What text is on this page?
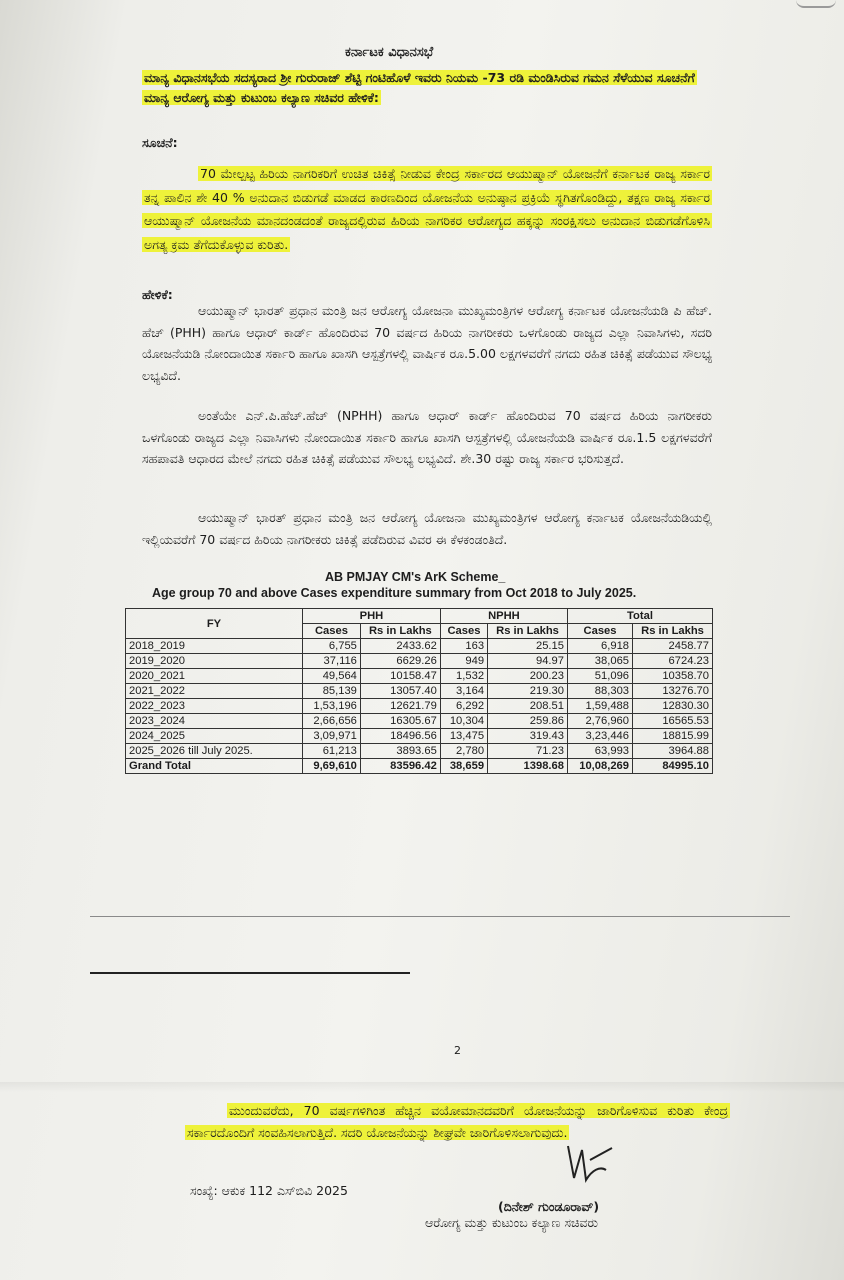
ಕರ್ನಾಟಕ ವಿಧಾನಸಭೆ
ಮಾನ್ಯ ವಿಧಾನಸಭೆಯ ಸದಸ್ಯರಾದ ಶ್ರೀ ಗುರುರಾಜ್ ಶೆಟ್ಟಿ ಗಂಟಿಹೊಳೆ ಇವರು ನಿಯಮ -73 ರಡಿ ಮಂಡಿಸಿರುವ ಗಮನ ಸೆಳೆಯುವ ಸೂಚನೆಗೆ ಮಾನ್ಯ ಆರೋಗ್ಯ ಮತ್ತು ಕುಟುಂಬ ಕಲ್ಯಾಣ ಸಚಿವರ ಹೇಳಿಕೆ:
ಸೂಚನೆ:
70 ಮೇಲ್ಪಟ್ಟ ಹಿರಿಯ ನಾಗರಿಕರಿಗೆ ಉಚಿತ ಚಿಕಿತ್ಸೆ ನೀಡುವ ಕೇಂದ್ರ ಸರ್ಕಾರದ ಆಯುಷ್ಮಾನ್ ಯೋಜನೆಗೆ ಕರ್ನಾಟಕ ರಾಜ್ಯ ಸರ್ಕಾರ ತನ್ನ ಪಾಲಿನ ಶೇ 40 % ಅನುದಾನ ಬಿಡುಗಡೆ ಮಾಡದ ಕಾರಣದಿಂದ ಯೋಜನೆಯ ಅನುಷ್ಠಾನ ಪ್ರಕ್ರಿಯೆ ಸ್ಥಗಿತಗೊಂಡಿದ್ದು, ತಕ್ಷಣ ರಾಜ್ಯ ಸರ್ಕಾರ ಆಯುಷ್ಮಾನ್ ಯೋಜನೆಯ ಮಾನದಂಡದಂತೆ ರಾಜ್ಯದಲ್ಲಿರುವ ಹಿರಿಯ ನಾಗರಿಕರ ಆರೋಗ್ಯದ ಹಕ್ಕನ್ನು ಸಂರಕ್ಷಿಸಲು ಅನುದಾನ ಬಿಡುಗಡೆಗೊಳಿಸಿ ಅಗತ್ಯ ಕ್ರಮ ತೆಗೆದುಕೊಳ್ಳುವ ಕುರಿತು.
ಹೇಳಿಕೆ:
ಆಯುಷ್ಮಾನ್ ಭಾರತ್ ಪ್ರಧಾನ ಮಂತ್ರಿ ಜನ ಆರೋಗ್ಯ ಯೋಜನಾ ಮುಖ್ಯಮಂತ್ರಿಗಳ ಆರೋಗ್ಯ ಕರ್ನಾಟಕ ಯೋಜನೆಯಡಿ ಪಿ ಹೆಚ್. ಹೆಚ್ (PHH) ಹಾಗೂ ಆಧಾರ್ ಕಾರ್ಡ್ ಹೊಂದಿರುವ 70 ವರ್ಷದ ಹಿರಿಯ ನಾಗರೀಕರು ಒಳಗೊಂಡು ರಾಜ್ಯದ ಎಲ್ಲಾ ನಿವಾಸಿಗಳು, ಸದರಿ ಯೋಜನೆಯಡಿ ನೋಂದಾಯಿತ ಸರ್ಕಾರಿ ಹಾಗೂ ಖಾಸಗಿ ಆಸ್ಪತ್ರೆಗಳಲ್ಲಿ ವಾರ್ಷಿಕ ರೂ.5.00 ಲಕ್ಷಗಳವರೆಗೆ ನಗದು ರಹಿತ ಚಿಕಿತ್ಸೆ ಪಡೆಯುವ ಸೌಲಭ್ಯ ಲಭ್ಯವಿದೆ.
ಅಂತೆಯೇ ಎನ್.ಪಿ.ಹೆಚ್.ಹೆಚ್ (NPHH) ಹಾಗೂ ಆಧಾರ್ ಕಾರ್ಡ್ ಹೊಂದಿರುವ 70 ವರ್ಷದ ಹಿರಿಯ ನಾಗರೀಕರು ಒಳಗೊಂಡು ರಾಜ್ಯದ ಎಲ್ಲಾ ನಿವಾಸಿಗಳು ನೋಂದಾಯಿತ ಸರ್ಕಾರಿ ಹಾಗೂ ಖಾಸಗಿ ಆಸ್ಪತ್ರೆಗಳಲ್ಲಿ ಯೋಜನೆಯಡಿ ವಾರ್ಷಿಕ ರೂ.1.5 ಲಕ್ಷಗಳವರೆಗೆ ಸಹಪಾವತಿ ಆಧಾರದ ಮೇಲೆ ನಗದು ರಹಿತ ಚಿಕಿತ್ಸೆ ಪಡೆಯುವ ಸೌಲಭ್ಯ ಲಭ್ಯವಿದೆ. ಶೇ.30 ರಷ್ಟು ರಾಜ್ಯ ಸರ್ಕಾರ ಭರಿಸುತ್ತದೆ.
ಆಯುಷ್ಮಾನ್ ಭಾರತ್ ಪ್ರಧಾನ ಮಂತ್ರಿ ಜನ ಆರೋಗ್ಯ ಯೋಜನಾ ಮುಖ್ಯಮಂತ್ರಿಗಳ ಆರೋಗ್ಯ ಕರ್ನಾಟಕ ಯೋಜನೆಯಡಿಯಲ್ಲಿ ಇಲ್ಲಿಯವರೆಗೆ 70 ವರ್ಷದ ಹಿರಿಯ ನಾಗರೀಕರು ಚಿಕಿತ್ಸೆ ಪಡೆದಿರುವ ವಿವರ ಈ ಕೆಳಕಂಡಂತಿದೆ.
AB PMJAY CM's ArK Scheme_
Age group 70 and above Cases expenditure summary from Oct 2018 to July 2025.
FY	PHH		NPHH		Total	
	Cases	Rs in Lakhs	Cases	Rs in Lakhs	Cases	Rs in Lakhs
2018_2019	6,755	2433.62	163	25.15	6,918	2458.77
2019_2020	37,116	6629.26	949	94.97	38,065	6724.23
2020_2021	49,564	10158.47	1,532	200.23	51,096	10358.70
2021_2022	85,139	13057.40	3,164	219.30	88,303	13276.70
2022_2023	1,53,196	12621.79	6,292	208.51	1,59,488	12830.30
2023_2024	2,66,656	16305.67	10,304	259.86	2,76,960	16565.53
2024_2025	3,09,971	18496.56	13,475	319.43	3,23,446	18815.99
2025_2026 till July 2025.	61,213	3893.65	2,780	71.23	63,993	3964.88
Grand Total	9,69,610	83596.42	38,659	1398.68	10,08,269	84995.10
2
ಮುಂದುವರೆದು, 70 ವರ್ಷಗಳಿಗಿಂತ ಹೆಚ್ಚಿನ ವಯೋಮಾನದವರಿಗೆ ಯೋಜನೆಯನ್ನು ಜಾರಿಗೊಳಿಸುವ ಕುರಿತು ಕೇಂದ್ರ ಸರ್ಕಾರದೊಂದಿಗೆ ಸಂವಹಿಸಲಾಗುತ್ತಿದೆ. ಸದರಿ ಯೋಜನೆಯನ್ನು ಶೀಘ್ರವೇ ಜಾರಿಗೊಳಿಸಲಾಗುವುದು.
ಸಂಖ್ಯೆ: ಆಕುಕ 112 ಎಸ್‌ಬಿವಿ 2025
(ದಿನೇಶ್ ಗುಂಡೂರಾವ್)
ಆರೋಗ್ಯ ಮತ್ತು ಕುಟುಂಬ ಕಲ್ಯಾಣ ಸಚಿವರು
